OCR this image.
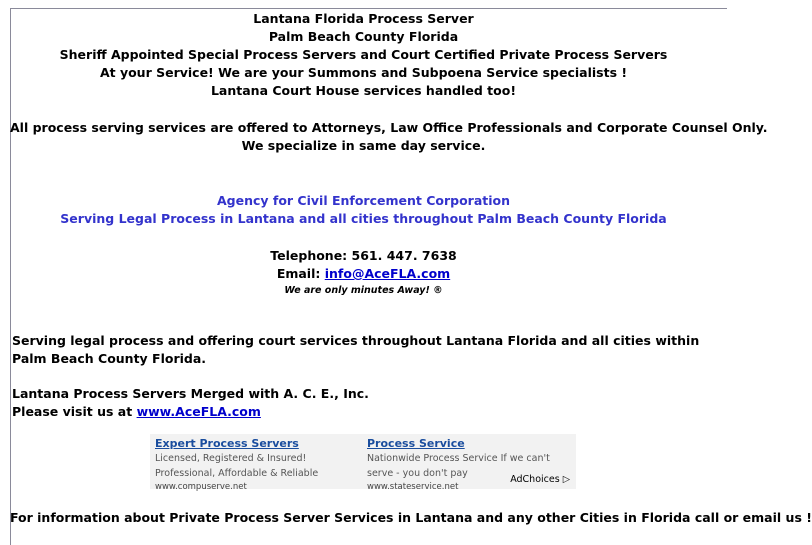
Lantana Florida Process Server
Palm Beach County Florida
Sheriff Appointed Special Process Servers and Court Certified Private Process Servers
At your Service! We are your Summons and Subpoena Service specialists !
Lantana Court House services handled too!
All process serving services are offered to Attorneys, Law Office Professionals and Corporate Counsel Only.
We specialize in same day service.
Agency for Civil Enforcement Corporation
Serving Legal Process in Lantana and all cities throughout Palm Beach County Florida
Telephone: 561. 447. 7638
Email: info@AceFLA.com
We are only minutes Away! ®
Serving legal process and offering court services throughout Lantana Florida and all cities within Palm Beach County Florida.
Lantana Process Servers Merged with A. C. E., Inc.
Please visit us at www.AceFLA.com
Expert Process Servers
Licensed, Registered & Insured! Professional, Affordable & Reliable
www.compuserve.net
Process Service
Nationwide Process Service If we can't serve - you don't pay
www.stateservice.net
AdChoices ▷
For information about Private Process Server Services in Lantana and any other Cities in Florida call or email us !
